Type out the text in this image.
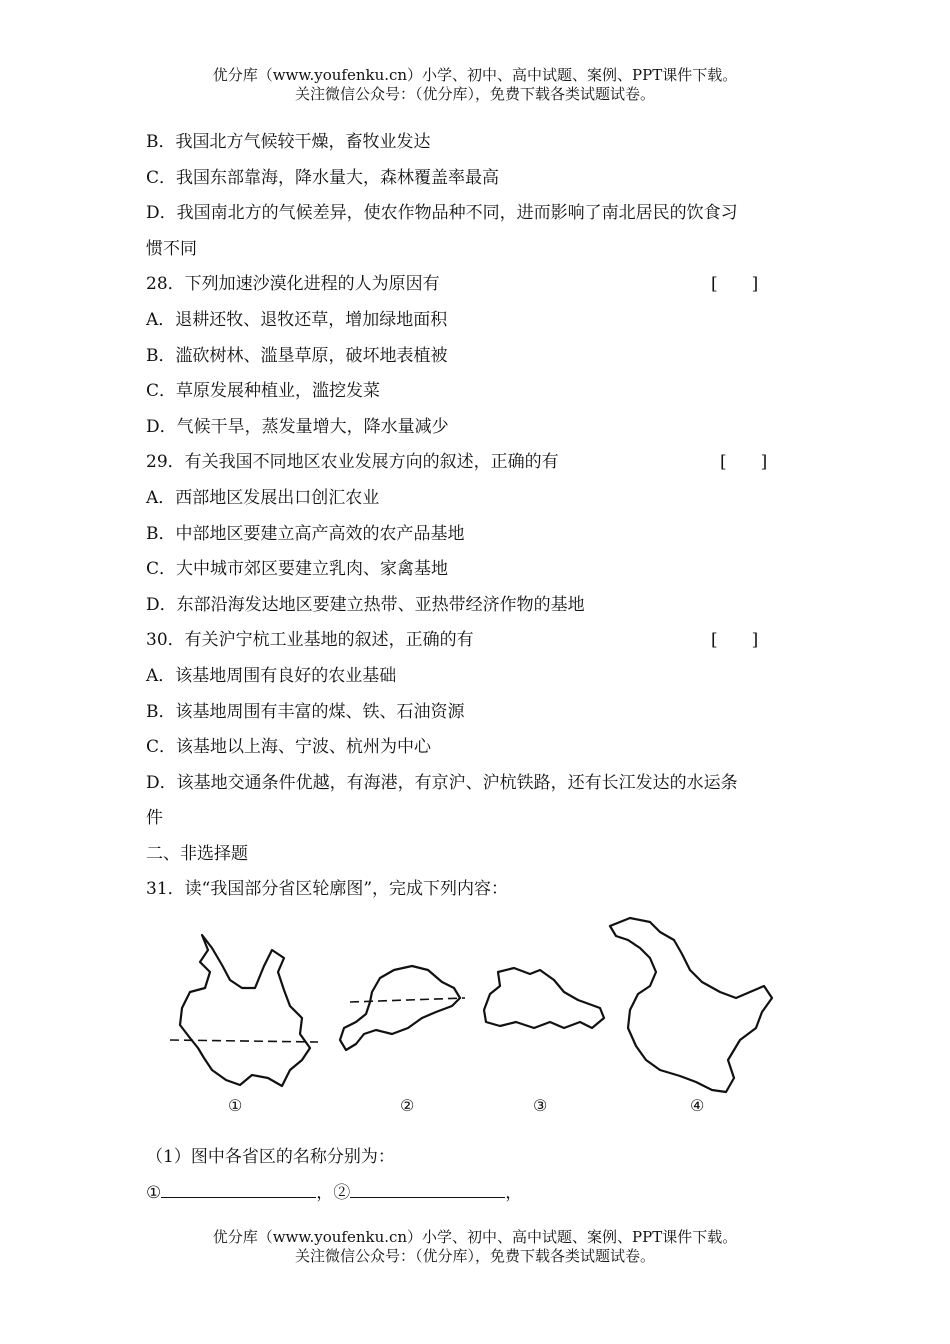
优分库（www.youfenku.cn）小学、初中、高中试题、案例、PPT课件下载。
关注微信公众号：（优分库），免费下载各类试题试卷。
B．我国北方气候较干燥，畜牧业发达
C．我国东部靠海，降水量大，森林覆盖率最高
D．我国南北方的气候差异，使农作物品种不同，进而影响了南北居民的饮食习
惯不同
28．下列加速沙漠化进程的人为原因有	[　　]
A．退耕还牧、退牧还草，增加绿地面积
B．滥砍树林、滥垦草原，破坏地表植被
C．草原发展种植业，滥挖发菜
D．气候干旱，蒸发量增大，降水量减少
29．有关我国不同地区农业发展方向的叙述，正确的有	[　　]
A．西部地区发展出口创汇农业
B．中部地区要建立高产高效的农产品基地
C．大中城市郊区要建立乳肉、家禽基地
D．东部沿海发达地区要建立热带、亚热带经济作物的基地
30．有关沪宁杭工业基地的叙述，正确的有	[　　]
A．该基地周围有良好的农业基础
B．该基地周围有丰富的煤、铁、石油资源
C．该基地以上海、宁波、杭州为中心
D．该基地交通条件优越，有海港，有京沪、沪杭铁路，还有长江发达的水运条
件
二、非选择题
31．读“我国部分省区轮廓图”，完成下列内容：
①	②	③	④
（1）图中各省区的名称分别为：
①	，②	，
优分库（www.youfenku.cn）小学、初中、高中试题、案例、PPT课件下载。
关注微信公众号：（优分库），免费下载各类试题试卷。
